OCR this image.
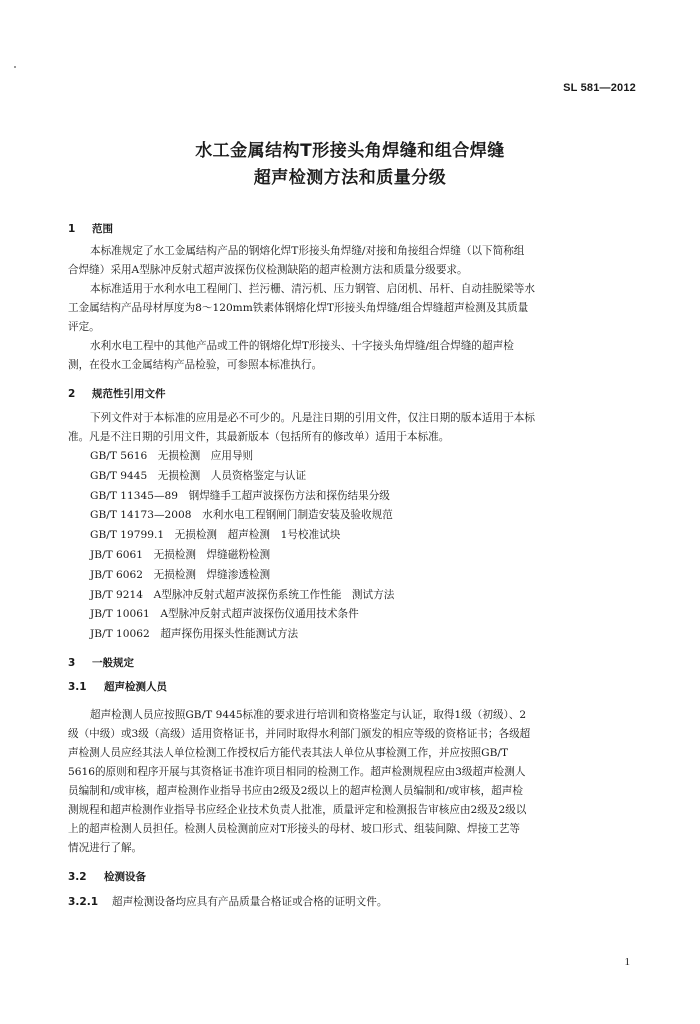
SL 581—2012
水工金属结构T形接头角焊缝和组合焊缝
超声检测方法和质量分级
1 范围

本标准规定了水工金属结构产品的钢熔化焊T形接头角焊缝/对接和角接组合焊缝（以下简称组

合焊缝）采用A型脉冲反射式超声波探伤仪检测缺陷的超声检测方法和质量分级要求。

本标准适用于水利水电工程闸门、拦污栅、清污机、压力钢管、启闭机、吊杆、自动挂脱梁等水

工金属结构产品母材厚度为8～120mm铁素体钢熔化焊T形接头角焊缝/组合焊缝超声检测及其质量

评定。

水利水电工程中的其他产品或工件的钢熔化焊T形接头、十字接头角焊缝/组合焊缝的超声检

测，在役水工金属结构产品检验，可参照本标准执行。

2 规范性引用文件

下列文件对于本标准的应用是必不可少的。凡是注日期的引用文件，仅注日期的版本适用于本标

准。凡是不注日期的引用文件，其最新版本（包括所有的修改单）适用于本标准。

GB/T 5616　无损检测　应用导则
GB/T 9445　无损检测　人员资格鉴定与认证
GB/T 11345—89　钢焊缝手工超声波探伤方法和探伤结果分级
GB/T 14173—2008　水利水电工程钢闸门制造安装及验收规范
GB/T 19799.1　无损检测　超声检测　1号校准试块
JB/T 6061　无损检测　焊缝磁粉检测
JB/T 6062　无损检测　焊缝渗透检测
JB/T 9214　A型脉冲反射式超声波探伤系统工作性能　测试方法
JB/T 10061　A型脉冲反射式超声波探伤仪通用技术条件
JB/T 10062　超声探伤用探头性能测试方法
3 一般规定
3.1 超声检测人员

超声检测人员应按照GB/T 9445标准的要求进行培训和资格鉴定与认证，取得1级（初级）、2

级（中级）或3级（高级）适用资格证书，并同时取得水利部门颁发的相应等级的资格证书；各级超

声检测人员应经其法人单位检测工作授权后方能代表其法人单位从事检测工作，并应按照GB/T

5616的原则和程序开展与其资格证书准许项目相同的检测工作。超声检测规程应由3级超声检测人

员编制和/或审核，超声检测作业指导书应由2级及2级以上的超声检测人员编制和/或审核，超声检

测规程和超声检测作业指导书应经企业技术负责人批准，质量评定和检测报告审核应由2级及2级以

上的超声检测人员担任。检测人员检测前应对T形接头的母材、坡口形式、组装间隙、焊接工艺等

情况进行了解。

3.2 检测设备

3.2.1 超声检测设备均应具有产品质量合格证或合格的证明文件。

1
